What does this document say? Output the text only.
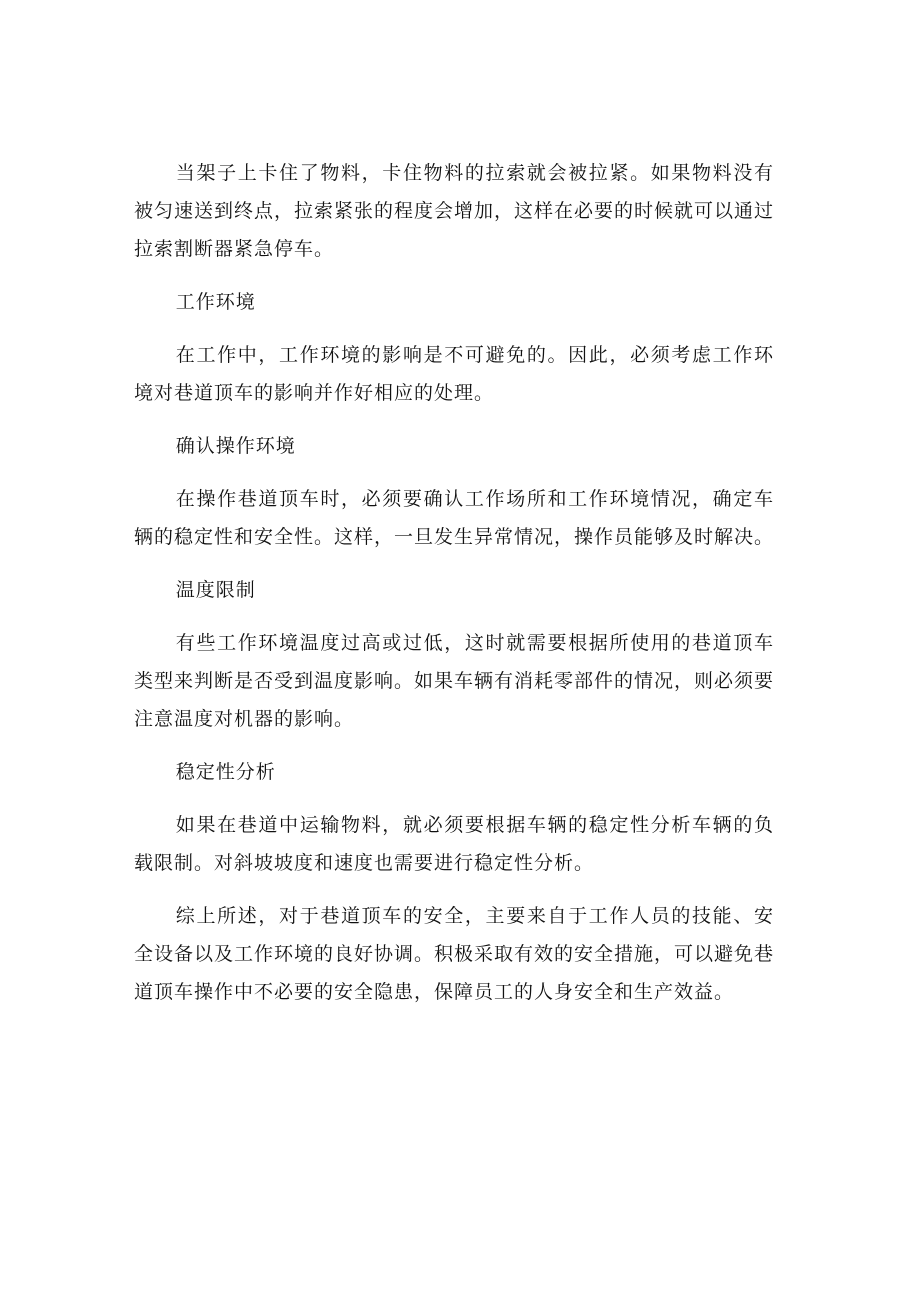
当架子上卡住了物料，卡住物料的拉索就会被拉紧。如果物料没有被匀速送到终点，拉索紧张的程度会增加，这样在必要的时候就可以通过拉索割断器紧急停车。

工作环境

在工作中，工作环境的影响是不可避免的。因此，必须考虑工作环境对巷道顶车的影响并作好相应的处理。

确认操作环境

在操作巷道顶车时，必须要确认工作场所和工作环境情况，确定车辆的稳定性和安全性。这样，一旦发生异常情况，操作员能够及时解决。

温度限制

有些工作环境温度过高或过低，这时就需要根据所使用的巷道顶车类型来判断是否受到温度影响。如果车辆有消耗零部件的情况，则必须要注意温度对机器的影响。

稳定性分析

如果在巷道中运输物料，就必须要根据车辆的稳定性分析车辆的负载限制。对斜坡坡度和速度也需要进行稳定性分析。

综上所述，对于巷道顶车的安全，主要来自于工作人员的技能、安全设备以及工作环境的良好协调。积极采取有效的安全措施，可以避免巷道顶车操作中不必要的安全隐患，保障员工的人身安全和生产效益。
